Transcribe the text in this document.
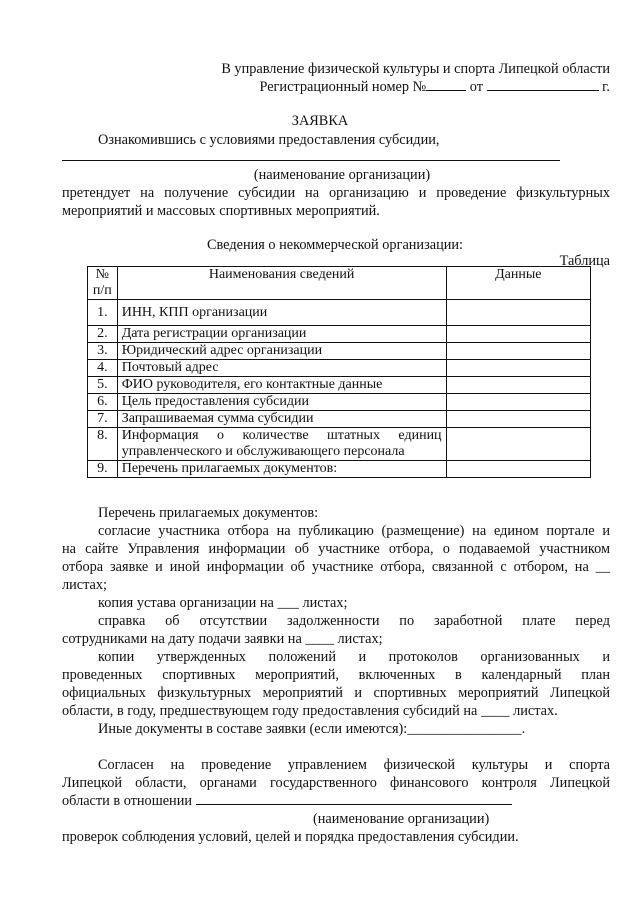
В управление физической культуры и спорта Липецкой области
Регистрационный номер №	от	г.
ЗАЯВКА
Ознакомившись с условиями предоставления субсидии,
(наименование организации)
претендует на получение субсидии на организацию и проведение физкультурных
мероприятий и массовых спортивных мероприятий.
Сведения о некоммерческой организации:
Таблица
№
п/п	Наименования сведений	Данные
1.	ИНН, КПП организации	
2.	Дата регистрации организации	
3.	Юридический адрес организации	
4.	Почтовый адрес	
5.	ФИО руководителя, его контактные данные	
6.	Цель предоставления субсидии	
7.	Запрашиваемая сумма субсидии	
8.	Информация о количестве штатных единиц
управленческого и обслуживающего персонала	

9.	Перечень прилагаемых документов:	
Перечень прилагаемых документов:
согласие участника отбора на публикацию (размещение) на едином портале и
на сайте Управления информации об участнике отбора, о подаваемой участником
отбора заявке и иной информации об участнике отбора, связанной с отбором, на __
листах;
копия устава организации на ___ листах;
справка об отсутствии задолженности по заработной плате перед
сотрудниками на дату подачи заявки на ____ листах;
копии утвержденных положений и протоколов организованных и
проведенных спортивных мероприятий, включенных в календарный план
официальных физкультурных мероприятий и спортивных мероприятий Липецкой
области, в году, предшествующем году предоставления субсидий на ____ листах.
Иные документы в составе заявки (если имеются):________________.
Согласен на проведение управлением физической культуры и спорта
Липецкой области, органами государственного финансового контроля Липецкой
области в отношении
(наименование организации)
проверок соблюдения условий, целей и порядка предоставления субсидии.
